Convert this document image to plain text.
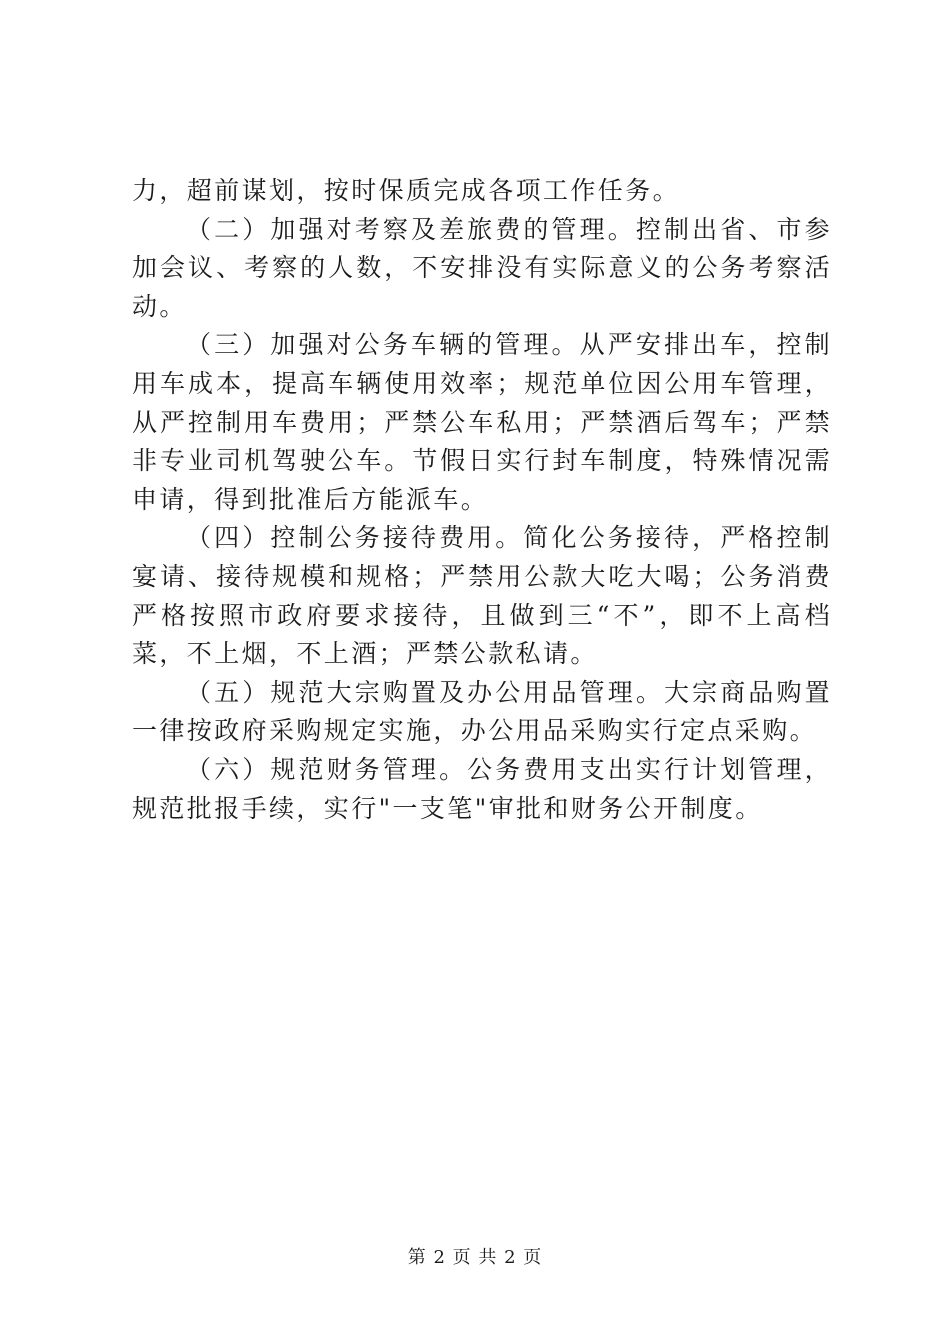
力，超前谋划，按时保质完成各项工作任务。

（二）加强对考察及差旅费的管理。控制出省、市参加会议、考察的人数，不安排没有实际意义的公务考察活动。

（三）加强对公务车辆的管理。从严安排出车，控制用车成本，提高车辆使用效率；规范单位因公用车管理，从严控制用车费用；严禁公车私用；严禁酒后驾车；严禁非专业司机驾驶公车。节假日实行封车制度，特殊情况需申请，得到批准后方能派车。

（四）控制公务接待费用。简化公务接待，严格控制宴请、接待规模和规格；严禁用公款大吃大喝；公务消费严格按照市政府要求接待，且做到三“不”，即不上高档菜，不上烟，不上酒；严禁公款私请。

（五）规范大宗购置及办公用品管理。大宗商品购置一律按政府采购规定实施，办公用品采购实行定点采购。

（六）规范财务管理。公务费用支出实行计划管理，规范批报手续，实行"一支笔"审批和财务公开制度。

第 2 页 共 2 页
